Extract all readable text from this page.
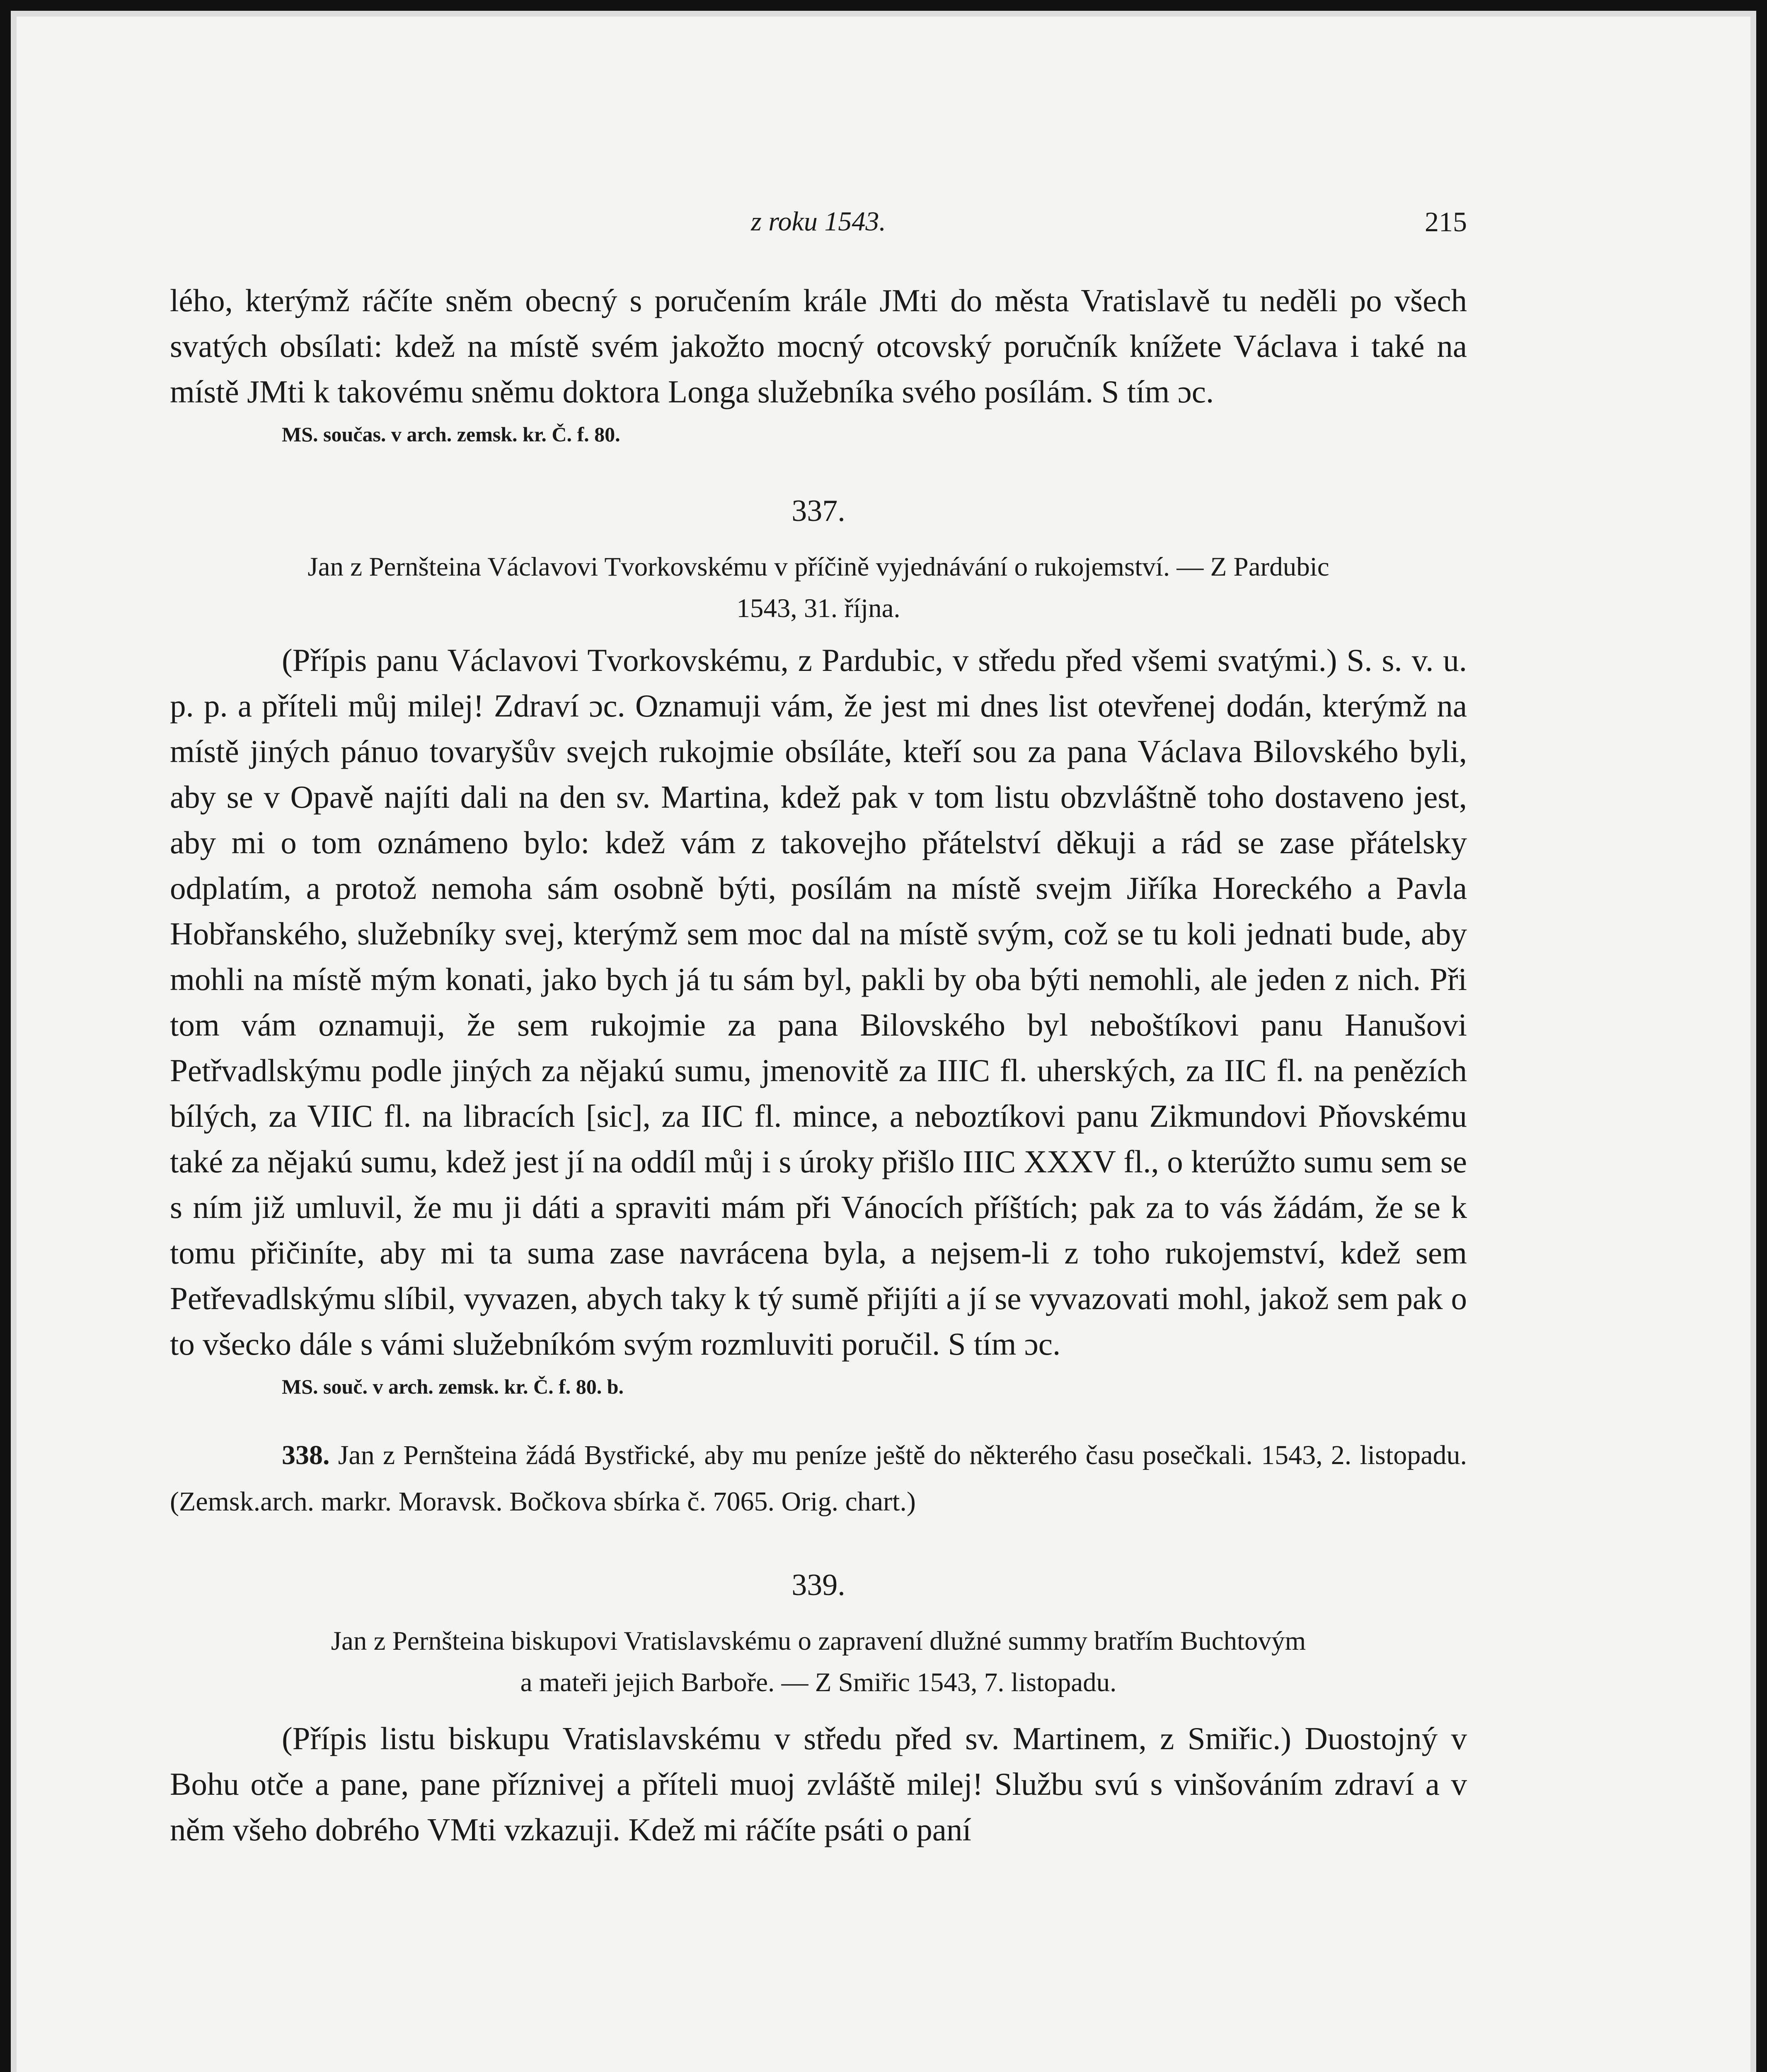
z roku 1543.	215

lého, kterýmž ráčíte sněm obecný s poručením krále JMti do města Vratislavě tu neděli po všech svatých obsílati: kdež na místě svém jakožto mocný otcovský poručník knížete Václava i také na místě JMti k takovému sněmu doktora Longa služebníka svého posílám. S tím ɔc.

MS. součas. v arch. zemsk. kr. Č. f. 80.

337.

Jan z Pernšteina Václavovi Tvorkovskému v příčině vyjednávání o rukojemství. — Z Pardubic

1543, 31. října.

(Přípis panu Václavovi Tvorkovskému, z Pardubic, v středu před všemi svatými.) S. s. v. u. p. p. a příteli můj milej! Zdraví ɔc. Oznamuji vám, že jest mi dnes list otevřenej dodán, kterýmž na místě jiných pánuo tovaryšův svejch rukojmie obsíláte, kteří sou za pana Václava Bilovského byli, aby se v Opavě najíti dali na den sv. Martina, kdež pak v tom listu obzvláštně toho dostaveno jest, aby mi o tom oznámeno bylo: kdež vám z takovejho přátelství děkuji a rád se zase přátelsky odplatím, a protož nemoha sám osobně býti, posílám na místě svejm Jiříka Horeckého a Pavla Hobřanského, služebníky svej, kterýmž sem moc dal na místě svým, což se tu koli jednati bude, aby mohli na místě mým konati, jako bych já tu sám byl, pakli by oba býti nemohli, ale jeden z nich. Při tom vám oznamuji, že sem rukojmie za pana Bilovského byl neboštíkovi panu Hanušovi Petřvadlskýmu podle jiných za nějakú sumu, jmenovitě za IIIC fl. uherských, za IIC fl. na penězích bílých, za VIIC fl. na libracích [sic], za IIC fl. mince, a neboztíkovi panu Zikmundovi Pňovskému také za nějakú sumu, kdež jest jí na oddíl můj i s úroky přišlo IIIC XXXV fl., o kterúžto sumu sem se s ním již umluvil, že mu ji dáti a spraviti mám při Vánocích příštích; pak za to vás žádám, že se k tomu přičiníte, aby mi ta suma zase navrácena byla, a nejsem-li z toho rukojemství, kdež sem Petřevadlskýmu slíbil, vyvazen, abych taky k tý sumě přijíti a jí se vyvazovati mohl, jakož sem pak o to všecko dále s vámi služebníkóm svým rozmluviti poručil. S tím ɔc.

MS. souč. v arch. zemsk. kr. Č. f. 80. b.

338. Jan z Pernšteina žádá Bystřické, aby mu peníze ještě do některého času posečkali. 1543, 2. listopadu. (Zemsk.arch. markr. Moravsk. Bočkova sbírka č. 7065. Orig. chart.)

339.

Jan z Pernšteina biskupovi Vratislavskému o zapravení dlužné summy bratřím Buchtovým

a mateři jejich Barboře. — Z Smiřic 1543, 7. listopadu.

(Přípis listu biskupu Vratislavskému v středu před sv. Martinem, z Smiřic.) Duostojný v Bohu otče a pane, pane příznivej a příteli muoj zvláště milej! Službu svú s vinšováním zdraví a v něm všeho dobrého VMti vzkazuji. Kdež mi ráčíte psáti o paní
